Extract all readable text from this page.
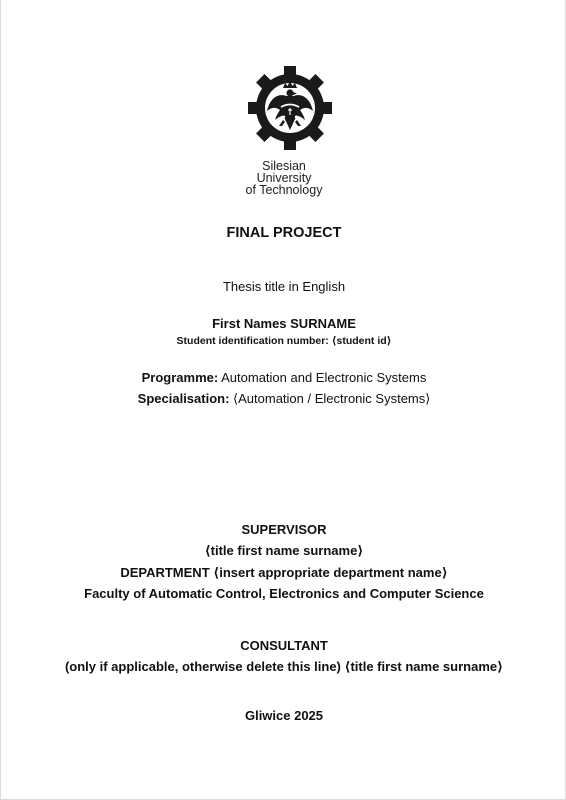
Silesian
University
of Technology
FINAL PROJECT
Thesis title in English
First Names SURNAME
Student identification number: ⟨student id⟩
Programme: Automation and Electronic Systems
Specialisation: ⟨Automation / Electronic Systems⟩
SUPERVISOR
⟨title first name surname⟩
DEPARTMENT ⟨insert appropriate department name⟩
Faculty of Automatic Control, Electronics and Computer Science
CONSULTANT
(only if applicable, otherwise delete this line) ⟨title first name surname⟩
Gliwice 2025
